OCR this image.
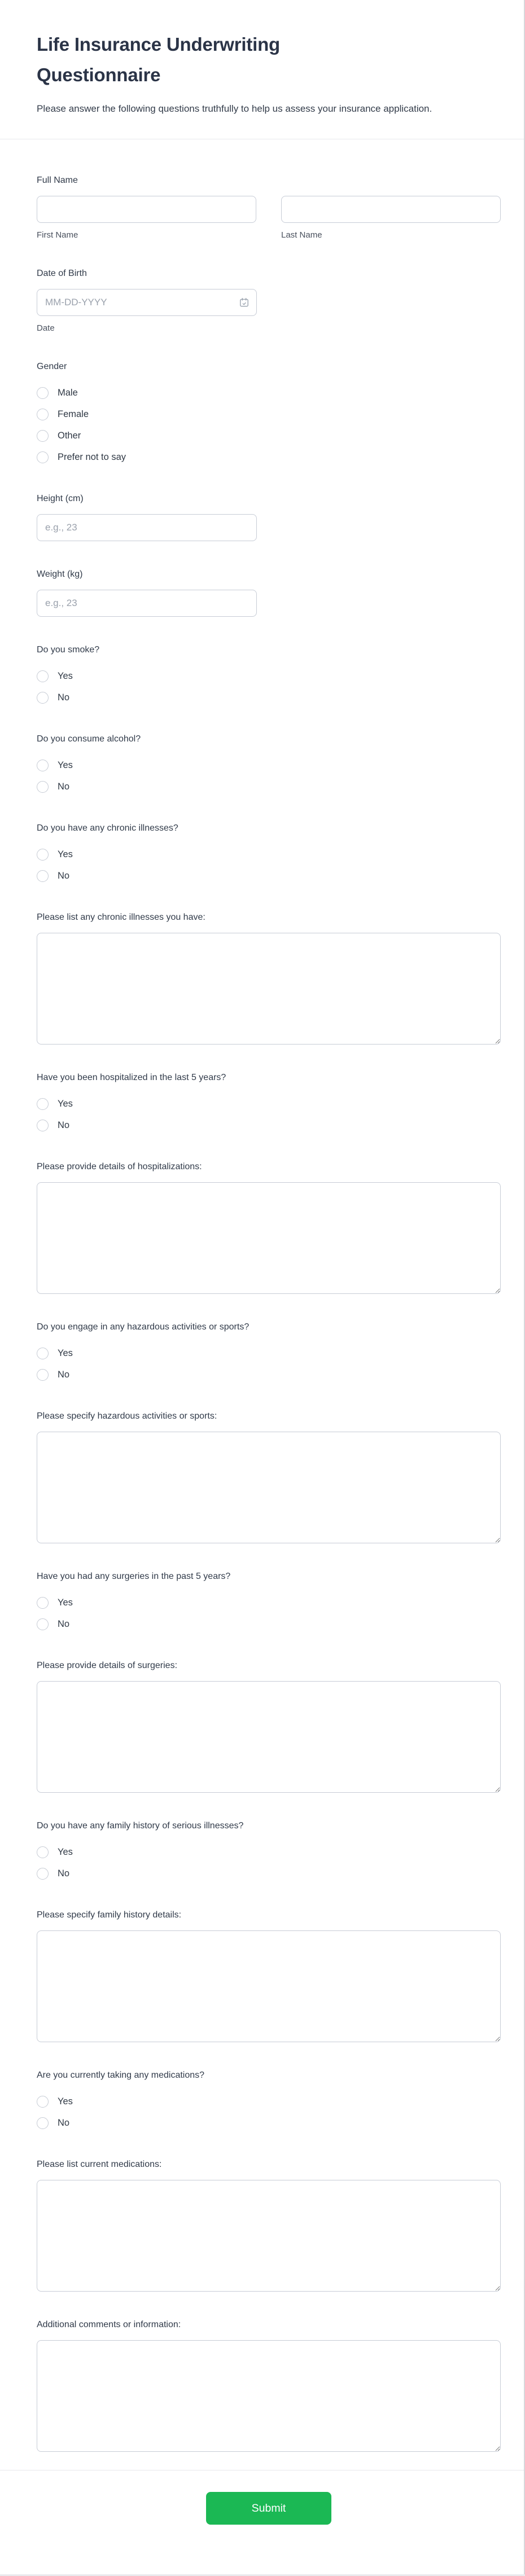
Life Insurance Underwriting Questionnaire

Please answer the following questions truthfully to help us assess your insurance application.

Full Name
First Name	Last Name
Date of Birth
MM-DD-YYYY
Date
Gender
Male
Female
Other
Prefer not to say
Height (cm)
e.g., 23
Weight (kg)
e.g., 23
Do you smoke?
Yes
No
Do you consume alcohol?
Yes
No
Do you have any chronic illnesses?
Yes
No
Please list any chronic illnesses you have:
Have you been hospitalized in the last 5 years?
Yes
No
Please provide details of hospitalizations:
Do you engage in any hazardous activities or sports?
Yes
No
Please specify hazardous activities or sports:
Have you had any surgeries in the past 5 years?
Yes
No
Please provide details of surgeries:
Do you have any family history of serious illnesses?
Yes
No
Please specify family history details:
Are you currently taking any medications?
Yes
No
Please list current medications:
Additional comments or information:
Submit
